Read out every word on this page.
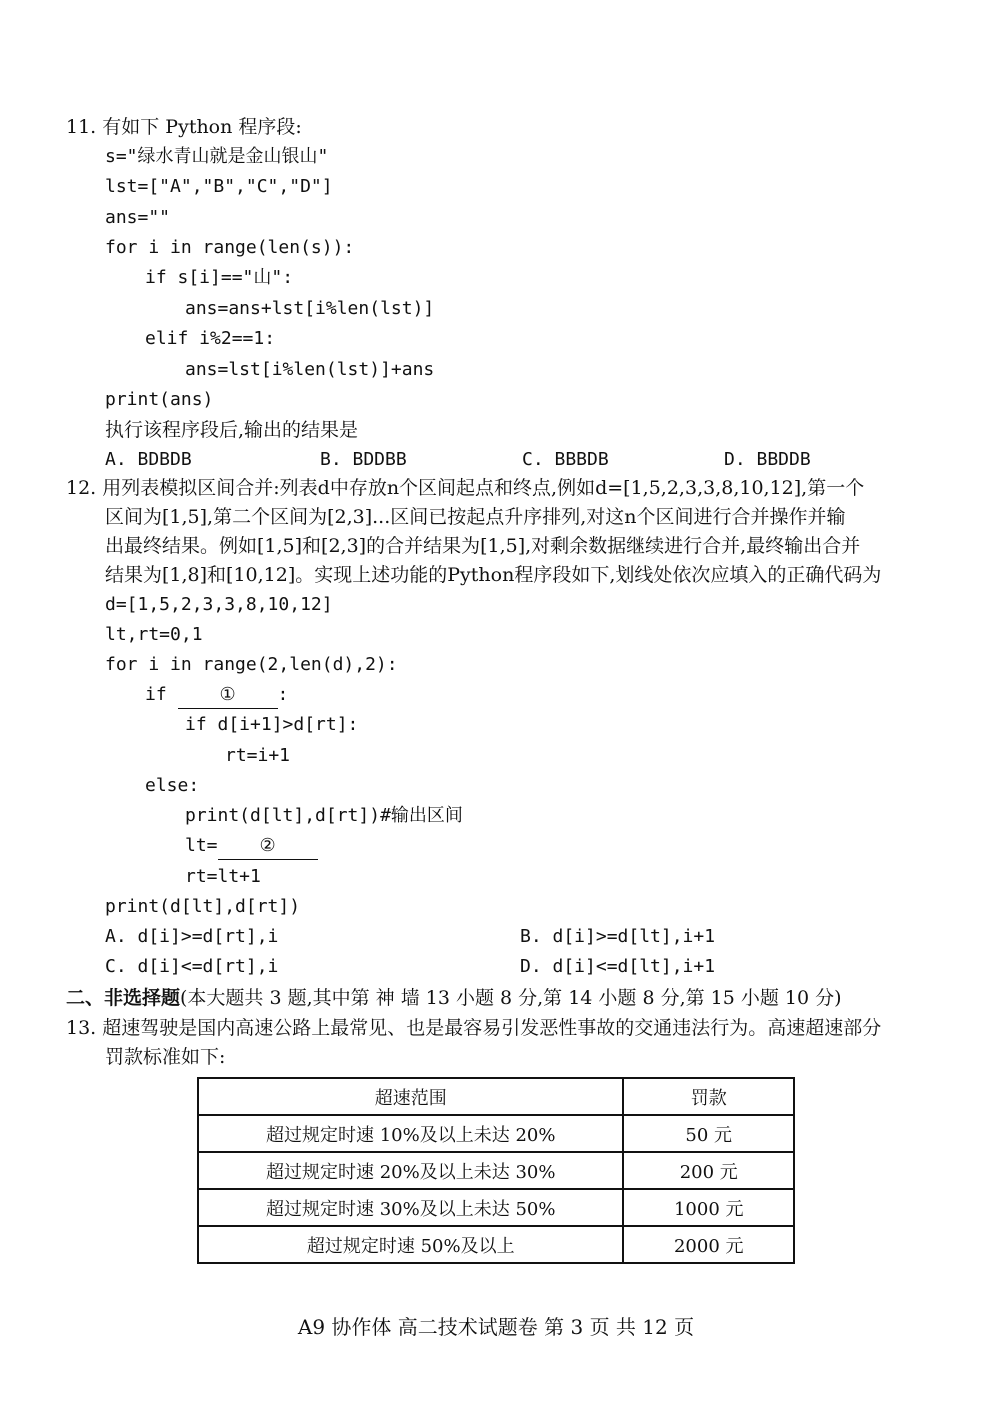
11. 有如下 Python 程序段:
s="绿水青山就是金山银山"
lst=["A","B","C","D"]
ans=""
for i in range(len(s)):
if s[i]=="山":
ans=ans+lst[i%len(lst)]
elif i%2==1:
ans=lst[i%len(lst)]+ans
print(ans)
执行该程序段后,输出的结果是
A. BDBDB	B. BDDBB	C. BBBDB	D. BBDDB
12. 用列表模拟区间合并:列表d中存放n个区间起点和终点,例如d=[1,5,2,3,3,8,10,12],第一个
区间为[1,5],第二个区间为[2,3]...区间已按起点升序排列,对这n个区间进行合并操作并输
出最终结果。例如[1,5]和[2,3]的合并结果为[1,5],对剩余数据继续进行合并,最终输出合并
结果为[1,8]和[10,12]。实现上述功能的Python程序段如下,划线处依次应填入的正确代码为
d=[1,5,2,3,3,8,10,12]
lt,rt=0,1
for i in range(2,len(d),2):
if ① :
if d[i+1]>d[rt]:
rt=i+1
else:
print(d[lt],d[rt])#输出区间
lt= ②
rt=lt+1
print(d[lt],d[rt])
A. d[i]>=d[rt],i	B. d[i]>=d[lt],i+1
C. d[i]<=d[rt],i	D. d[i]<=d[lt],i+1
二、非选择题(本大题共 3 题,其中第 神 墙 13 小题 8 分,第 14 小题 8 分,第 15 小题 10 分)
13. 超速驾驶是国内高速公路上最常见、也是最容易引发恶性事故的交通违法行为。高速超速部分
罚款标准如下:
超速范围	罚款
超过规定时速 10%及以上未达 20%	50 元
超过规定时速 20%及以上未达 30%	200 元
超过规定时速 30%及以上未达 50%	1000 元
超过规定时速 50%及以上	2000 元
A9 协作体 高二技术试题卷 第 3 页 共 12 页
